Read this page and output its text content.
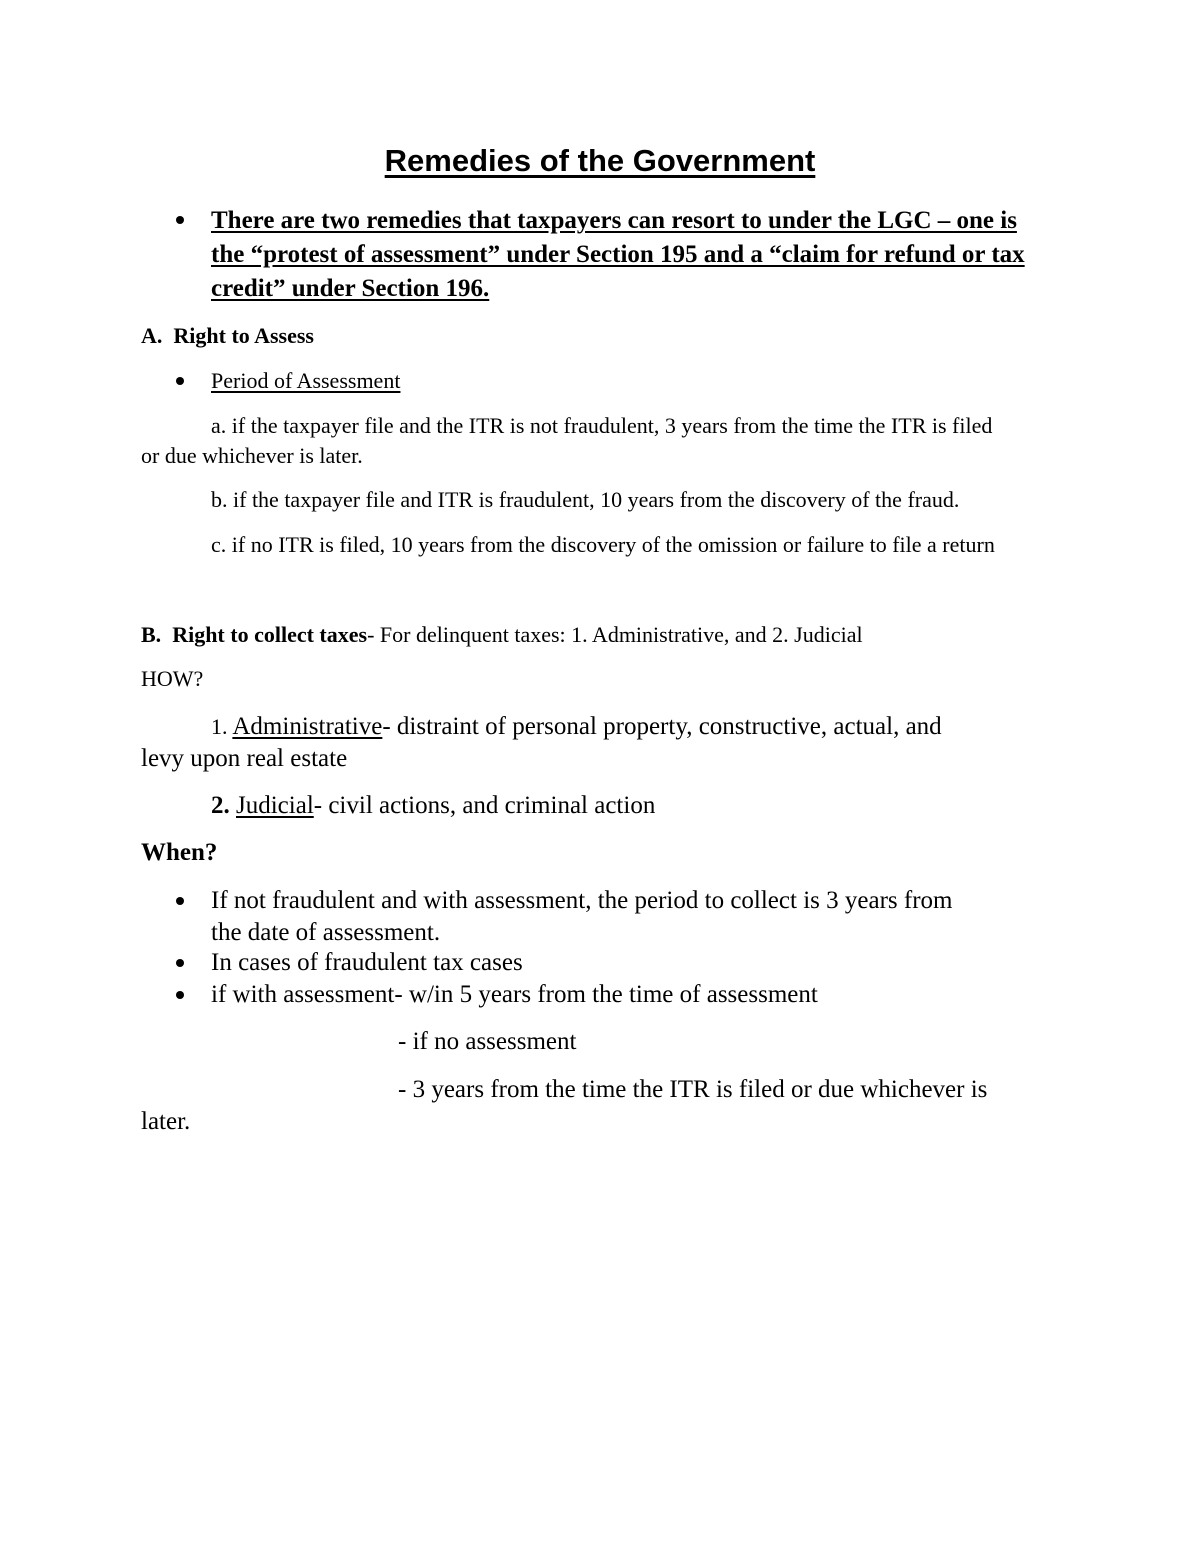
Remedies of the Government
There are two remedies that taxpayers can resort to under the LGC – one is
the “protest of assessment” under Section 195 and a “claim for refund or tax
credit” under Section 196.
A. Right to Assess
Period of Assessment
a. if the taxpayer file and the ITR is not fraudulent, 3 years from the time the ITR is filed
or due whichever is later.
b. if the taxpayer file and ITR is fraudulent, 10 years from the discovery of the fraud.
c. if no ITR is filed, 10 years from the discovery of the omission or failure to file a return
B. Right to collect taxes- For delinquent taxes: 1. Administrative, and 2. Judicial
HOW?
1. Administrative- distraint of personal property, constructive, actual, and
levy upon real estate
2. Judicial- civil actions, and criminal action
When?
If not fraudulent and with assessment, the period to collect is 3 years from
the date of assessment.
In cases of fraudulent tax cases
if with assessment- w/in 5 years from the time of assessment
- if no assessment
- 3 years from the time the ITR is filed or due whichever is
later.
